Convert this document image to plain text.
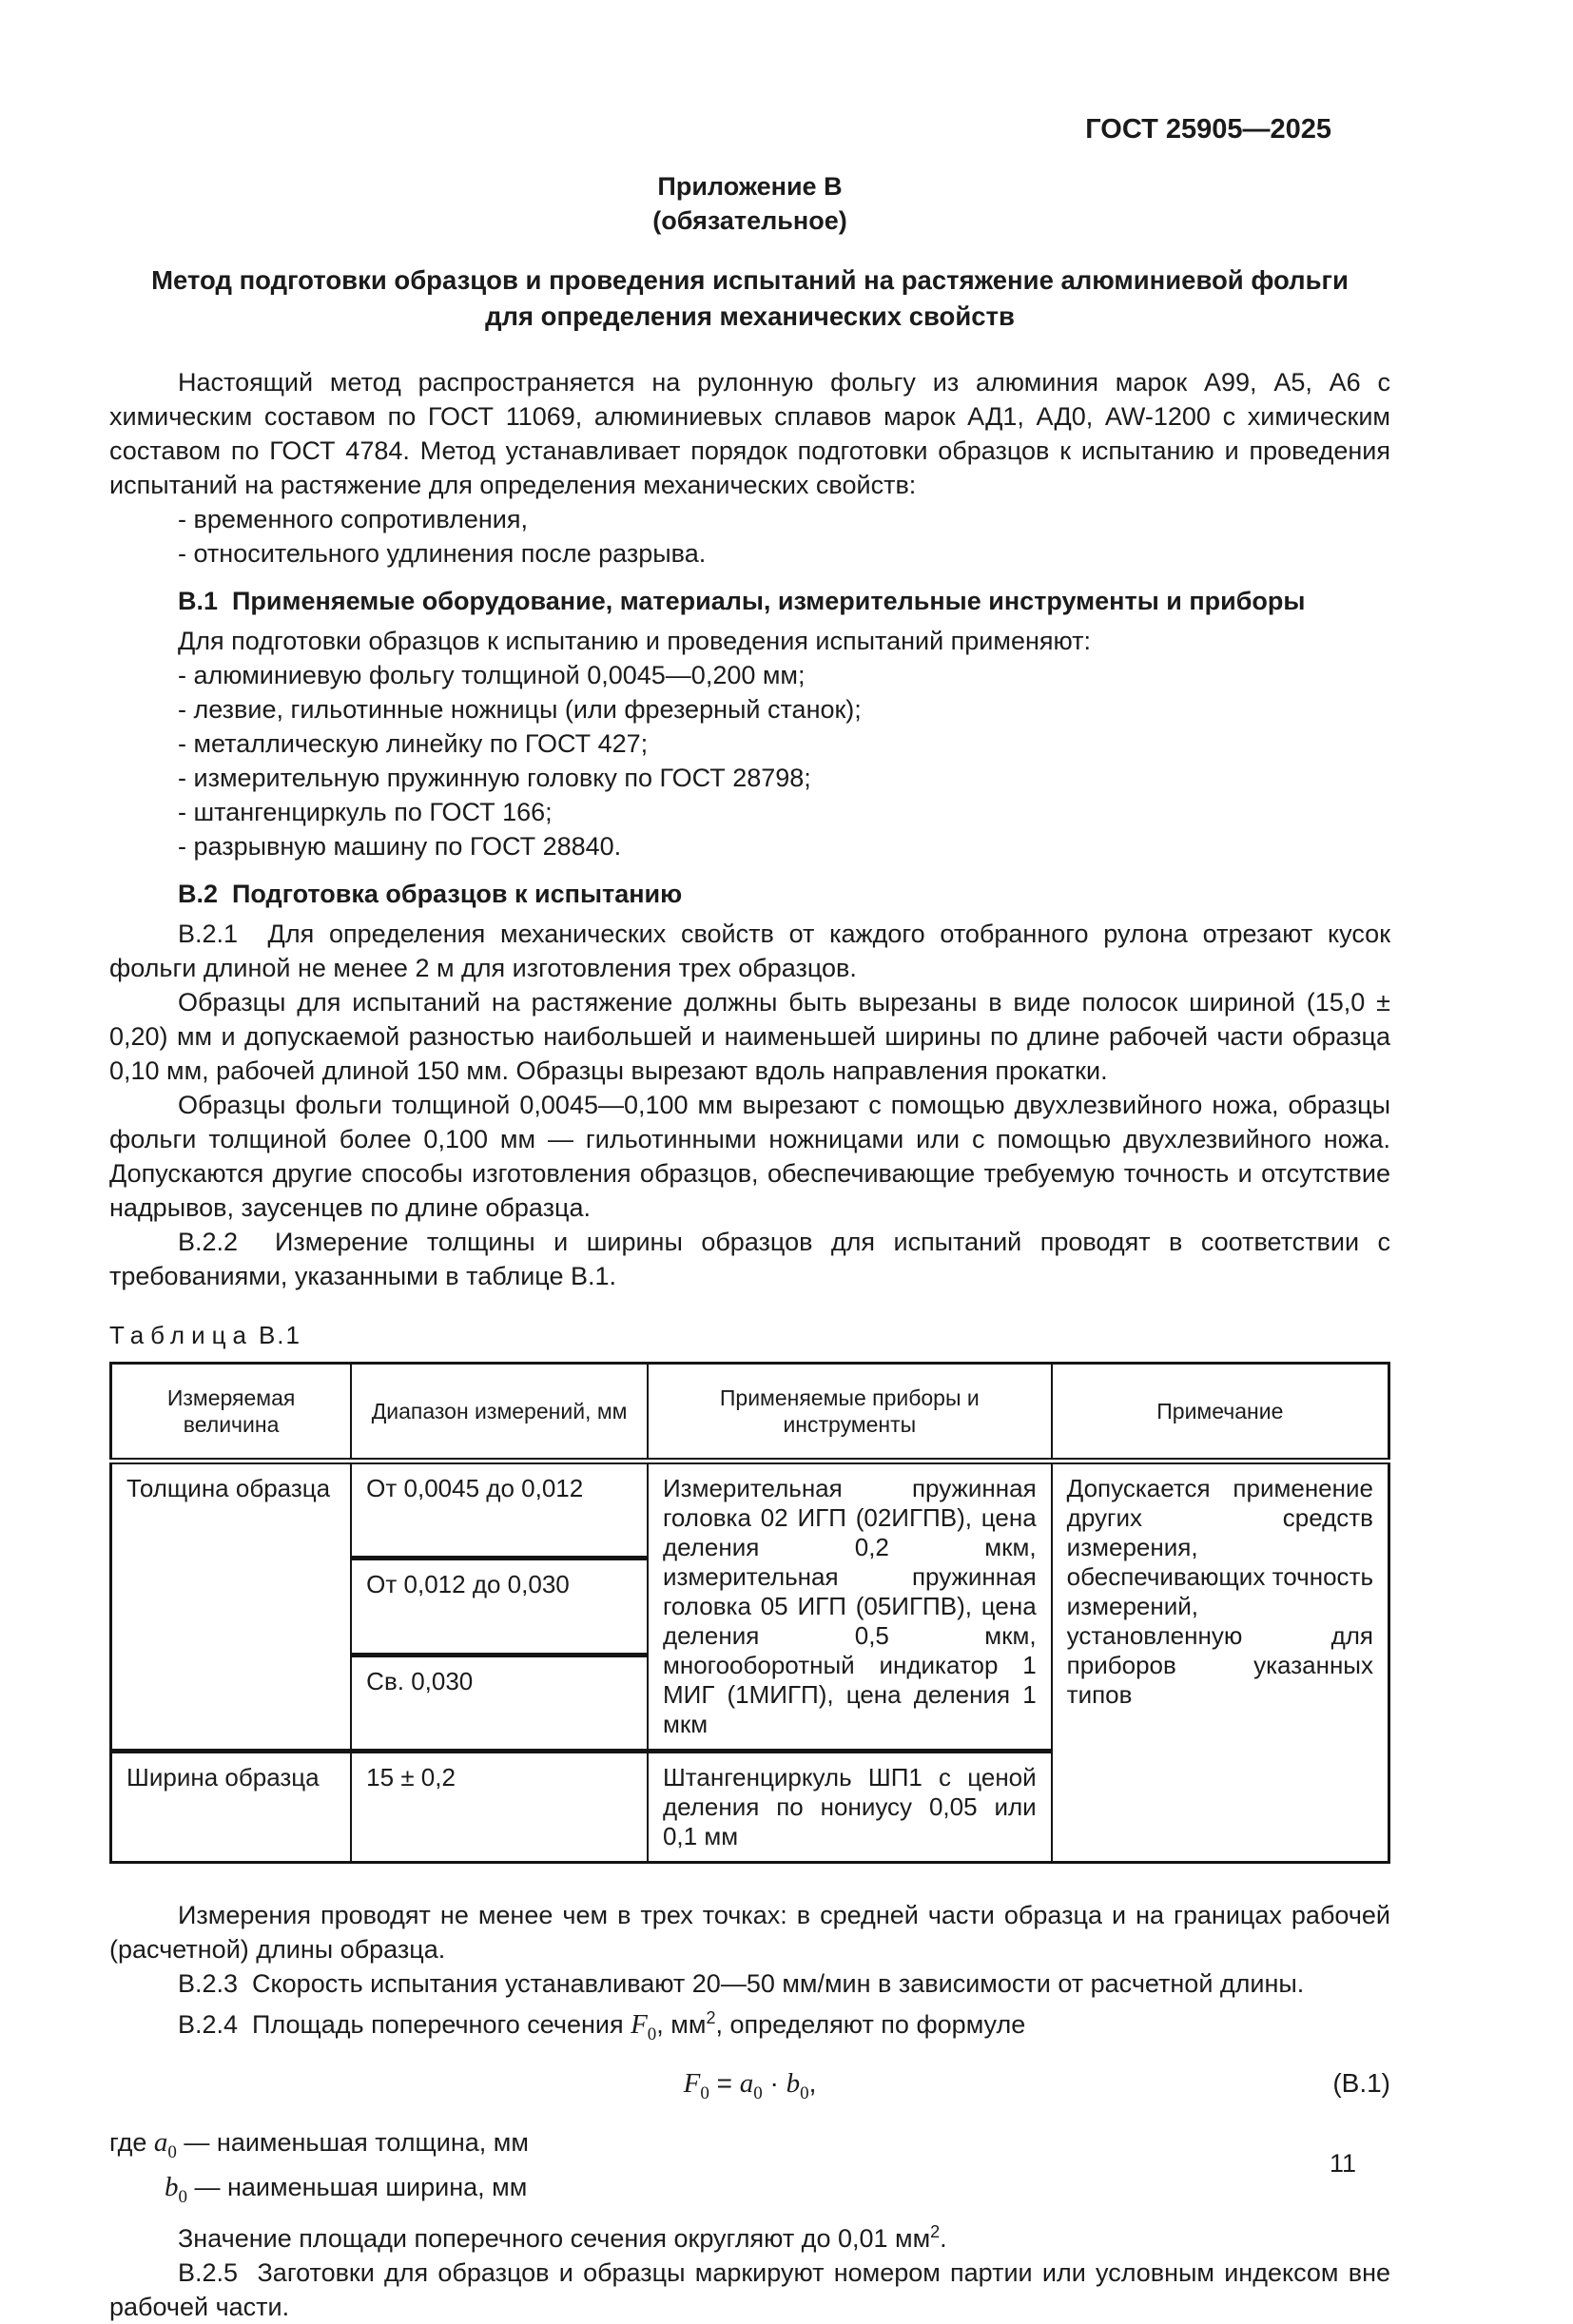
ГОСТ 25905—2025
Приложение В
(обязательное)
Метод подготовки образцов и проведения испытаний на растяжение алюминиевой фольги
для определения механических свойств

Настоящий метод распространяется на рулонную фольгу из алюминия марок А99, А5, А6 с химическим составом по ГОСТ 11069, алюминиевых сплавов марок АД1, АД0, AW-1200 с химическим составом по ГОСТ 4784. Метод устанавливает порядок подготовки образцов к испытанию и проведения испытаний на растяжение для определения механических свойств:

- временного сопротивления,

- относительного удлинения после разрыва.

В.1  Применяемые оборудование, материалы, измерительные инструменты и приборы

Для подготовки образцов к испытанию и проведения испытаний применяют:

- алюминиевую фольгу толщиной 0,0045—0,200 мм;

- лезвие, гильотинные ножницы (или фрезерный станок);

- металлическую линейку по ГОСТ 427;

- измерительную пружинную головку по ГОСТ 28798;

- штангенциркуль по ГОСТ 166;

- разрывную машину по ГОСТ 28840.

В.2  Подготовка образцов к испытанию

В.2.1  Для определения механических свойств от каждого отобранного рулона отрезают кусок фольги длиной не менее 2 м для изготовления трех образцов.

Образцы для испытаний на растяжение должны быть вырезаны в виде полосок шириной (15,0 ± 0,20) мм и допускаемой разностью наибольшей и наименьшей ширины по длине рабочей части образца 0,10 мм, рабочей длиной 150 мм. Образцы вырезают вдоль направления прокатки.

Образцы фольги толщиной 0,0045—0,100 мм вырезают с помощью двухлезвийного ножа, образцы фольги толщиной более 0,100 мм — гильотинными ножницами или с помощью двухлезвийного ножа. Допускаются другие способы изготовления образцов, обеспечивающие требуемую точность и отсутствие надрывов, заусенцев по длине образца.

В.2.2  Измерение толщины и ширины образцов для испытаний проводят в соответствии с требованиями, указанными в таблице В.1.

Таблица В.1
Измеряемая величина	Диапазон измерений, мм	Применяемые приборы и инструменты	Примечание
Толщина образца	От 0,0045 до 0,012	Измерительная пружинная головка 02 ИГП (02ИГПВ), цена деления 0,2 мкм, измерительная пружинная головка 05 ИГП (05ИГПВ), цена деления 0,5 мкм, многооборотный индикатор 1 МИГ (1МИГП), цена деления 1 мкм	Допускается применение других средств измерения, обеспечивающих точность измерений, установленную для приборов указанных типов
	От 0,012 до 0,030		
	Св. 0,030		
Ширина образца	15 ± 0,2	Штангенциркуль ШП1 с ценой деления по нониусу 0,05 или 0,1 мм	

Измерения проводят не менее чем в трех точках: в средней части образца и на границах рабочей (расчетной) длины образца.

В.2.3  Скорость испытания устанавливают 20—50 мм/мин в зависимости от расчетной длины.

В.2.4  Площадь поперечного сечения $F_0$, $мм^2$, определяют по формуле

$F_0 = a_0 \cdot b_0$,	(В.1)

где $a_0$ — наименьшая толщина, мм

$b_0$ — наименьшая ширина, мм

Значение площади поперечного сечения округляют до 0,01 $мм^2$.

В.2.5  Заготовки для образцов и образцы маркируют номером партии или условным индексом вне рабочей части.

11
